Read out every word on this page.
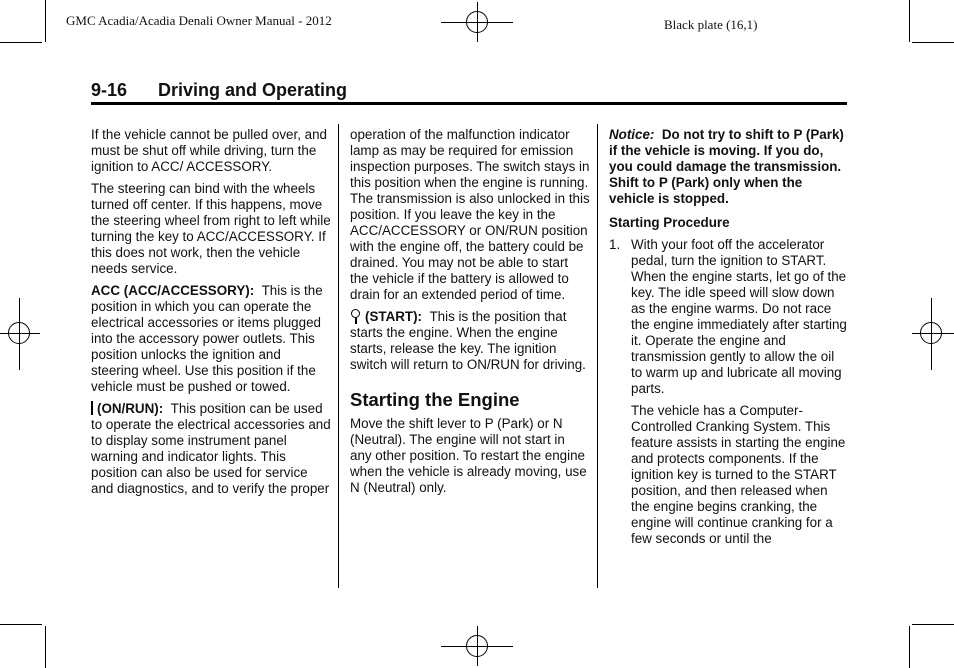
GMC Acadia/Acadia Denali Owner Manual - 2012	Black plate (16,1)
9-16 Driving and Operating

If the vehicle cannot be pulled over, and must be shut off while driving, turn the ignition to ACC/ ACCESSORY.

The steering can bind with the wheels turned off center. If this happens, move the steering wheel from right to left while turning the key to ACC/ACCESSORY. If this does not work, then the vehicle needs service.

ACC (ACC/ACCESSORY): This is the position in which you can operate the electrical accessories or items plugged into the accessory power outlets. This position unlocks the ignition and steering wheel. Use this position if the vehicle must be pushed or towed.

(ON/RUN): This position can be used to operate the electrical accessories and to display some instrument panel warning and indicator lights. This position can also be used for service and diagnostics, and to verify the proper

operation of the malfunction indicator lamp as may be required for emission inspection purposes. The switch stays in this position when the engine is running. The transmission is also unlocked in this position. If you leave the key in the ACC/ACCESSORY or ON/RUN position with the engine off, the battery could be drained. You may not be able to start the vehicle if the battery is allowed to drain for an extended period of time.

(START): This is the position that starts the engine. When the engine starts, release the key. The ignition switch will return to ON/RUN for driving.

Starting the Engine

Move the shift lever to P (Park) or N (Neutral). The engine will not start in any other position. To restart the engine when the vehicle is already moving, use N (Neutral) only.

Notice: Do not try to shift to P (Park) if the vehicle is moving. If you do, you could damage the transmission. Shift to P (Park) only when the vehicle is stopped.

Starting Procedure
1. With your foot off the accelerator pedal, turn the ignition to START. When the engine starts, let go of the key. The idle speed will slow down as the engine warms. Do not race the engine immediately after starting it. Operate the engine and transmission gently to allow the oil to warm up and lubricate all moving parts.

The vehicle has a Computer-Controlled Cranking System. This feature assists in starting the engine and protects components. If the ignition key is turned to the START position, and then released when the engine begins cranking, the engine will continue cranking for a few seconds or until the
